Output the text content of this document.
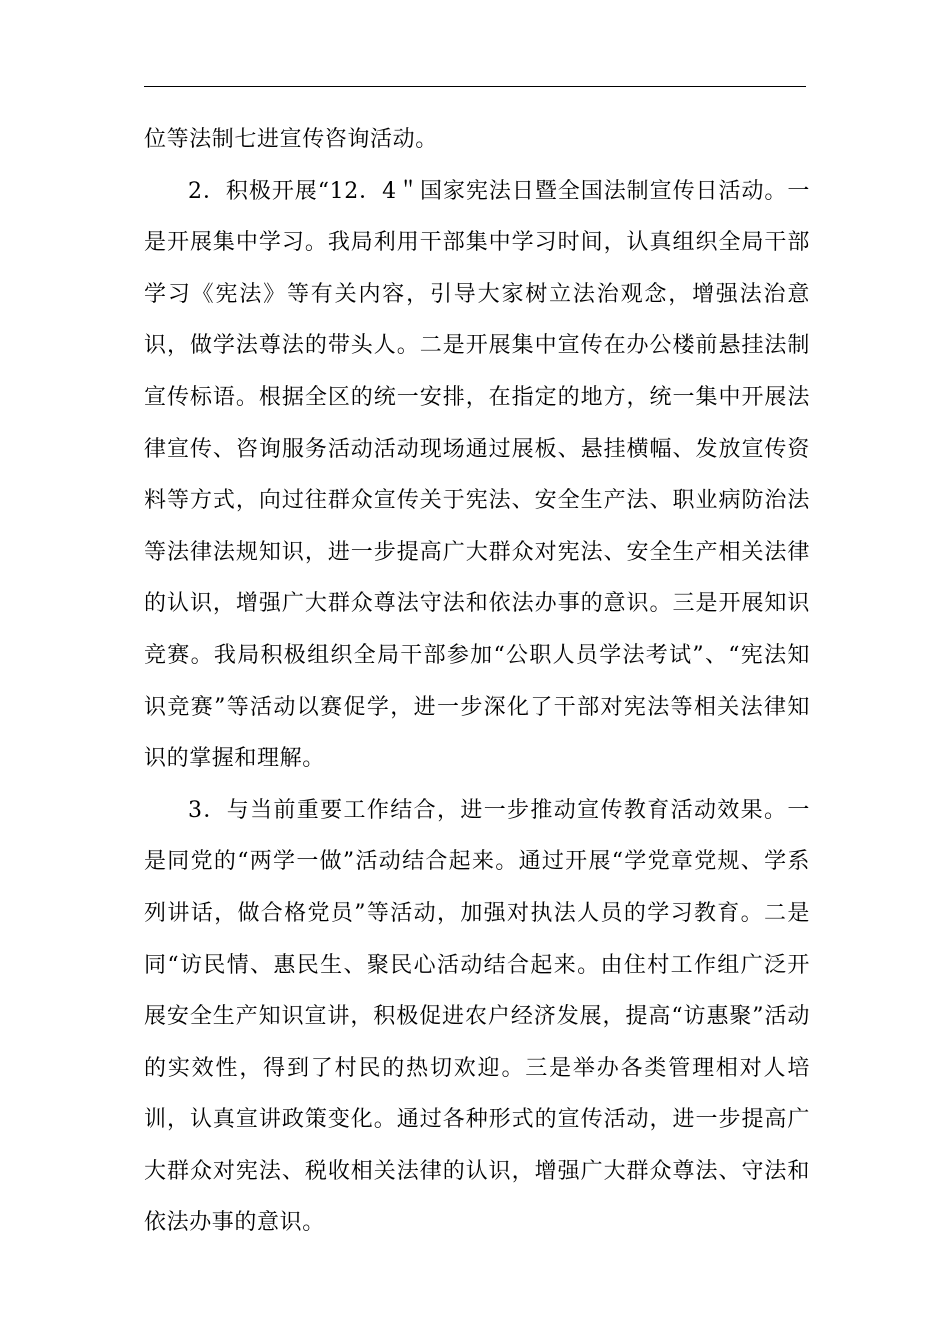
位等法制七进宣传咨询活动。

2．积极开展“12．4＂国家宪法日暨全国法制宣传日活动。一是开展集中学习。我局利用干部集中学习时间，认真组织全局干部学习《宪法》等有关内容，引导大家树立法治观念，增强法治意识，做学法尊法的带头人。二是开展集中宣传在办公楼前悬挂法制宣传标语。根据全区的统一安排，在指定的地方，统一集中开展法律宣传、咨询服务活动活动现场通过展板、悬挂横幅、发放宣传资料等方式，向过往群众宣传关于宪法、安全生产法、职业病防治法等法律法规知识，进一步提高广大群众对宪法、安全生产相关法律的认识，增强广大群众尊法守法和依法办事的意识。三是开展知识竞赛。我局积极组织全局干部参加“公职人员学法考试”、“宪法知识竞赛”等活动以赛促学，进一步深化了干部对宪法等相关法律知识的掌握和理解。

3．与当前重要工作结合，进一步推动宣传教育活动效果。一是同党的“两学一做”活动结合起来。通过开展“学党章党规、学系列讲话，做合格党员”等活动，加强对执法人员的学习教育。二是同“访民情、惠民生、聚民心活动结合起来。由住村工作组广泛开展安全生产知识宣讲，积极促进农户经济发展，提高“访惠聚”活动的实效性，得到了村民的热切欢迎。三是举办各类管理相对人培训，认真宣讲政策变化。通过各种形式的宣传活动，进一步提高广大群众对宪法、税收相关法律的认识，增强广大群众尊法、守法和依法办事的意识。
